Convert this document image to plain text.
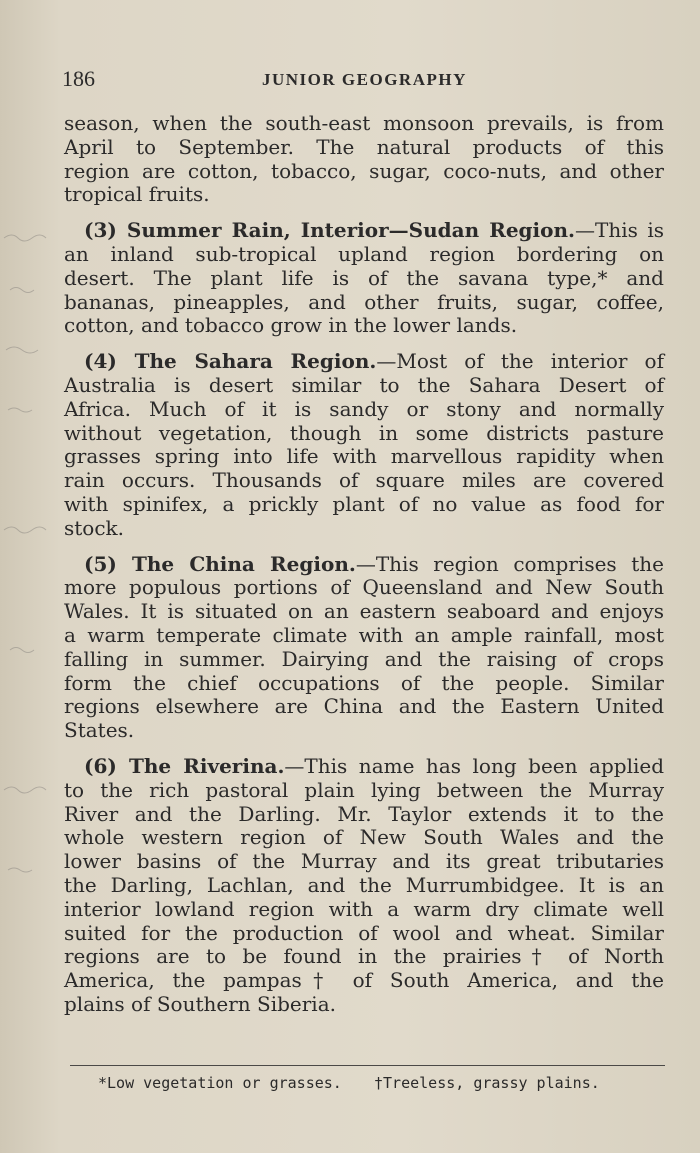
186	JUNIOR GEOGRAPHY
season, when the south-east monsoon prevails, is from
April to September. The natural products of this
region are cotton, tobacco, sugar, coco-nuts, and other
tropical fruits.
(3) Summer Rain, Interior—Sudan Region.—This is
an inland sub-tropical upland region bordering on
desert. The plant life is of the savana type,* and
bananas, pineapples, and other fruits, sugar, coffee,
cotton, and tobacco grow in the lower lands.
(4) The Sahara Region.—Most of the interior of
Australia is desert similar to the Sahara Desert of
Africa. Much of it is sandy or stony and normally
without vegetation, though in some districts pasture
grasses spring into life with marvellous rapidity when
rain occurs. Thousands of square miles are covered
with spinifex, a prickly plant of no value as food for
stock.
(5) The China Region.—This region comprises the
more populous portions of Queensland and New South
Wales. It is situated on an eastern seaboard and enjoys
a warm temperate climate with an ample rainfall, most
falling in summer. Dairying and the raising of crops
form the chief occupations of the people. Similar
regions elsewhere are China and the Eastern United
States.
(6) The Riverina.—This name has long been applied
to the rich pastoral plain lying between the Murray
River and the Darling. Mr. Taylor extends it to the
whole western region of New South Wales and the
lower basins of the Murray and its great tributaries
the Darling, Lachlan, and the Murrumbidgee. It is an
interior lowland region with a warm dry climate well
suited for the production of wool and wheat. Similar
regions are to be found in the prairies† of North
America, the pampas† of South America, and the
plains of Southern Siberia.
*Low vegetation or grasses. †Treeless, grassy plains.
